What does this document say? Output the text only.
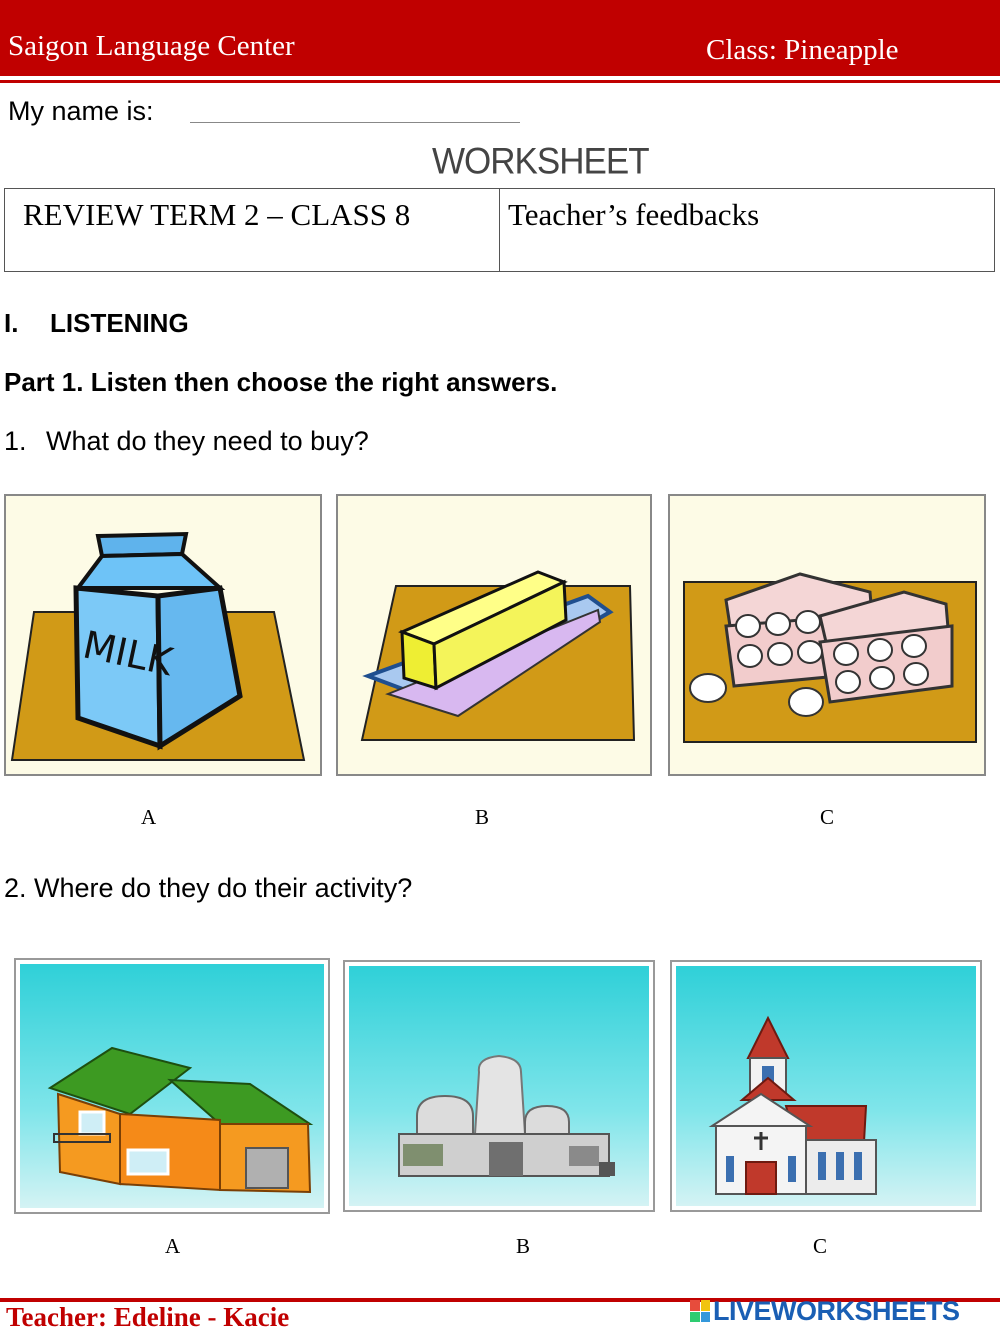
Saigon Language Center	Class: Pineapple
My name is:
WORKSHEET
REVIEW TERM 2 – CLASS 8	Teacher’s feedbacks
I. LISTENING
Part 1. Listen then choose the right answers.
1. What do they need to buy?
MILK
A	B	C
2. Where do they do their activity?
A	B	C
Teacher: Edeline - Kacie	LIVEWORKSHEETS
